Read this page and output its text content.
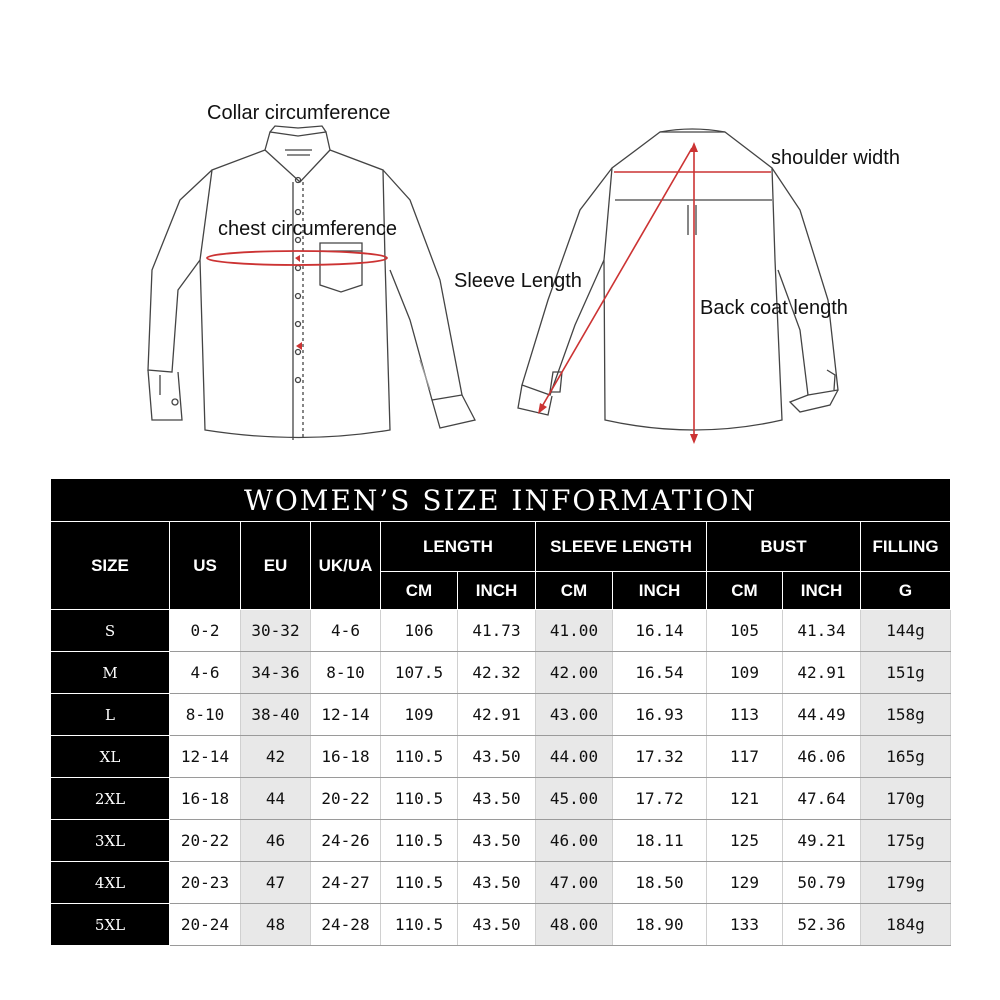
Collar circumference
chest circumference
Sleeve Length
shoulder width
Back coat length
WOMEN’S SIZE INFORMATION										
SIZE	US	EU	UK/UA	LENGTH		SLEEVE LENGTH		BUST		FILLING
				CM	INCH	CM	INCH	CM	INCH	G
S	0-2	30-32	4-6	106	41.73	41.00	16.14	105	41.34	144g
M	4-6	34-36	8-10	107.5	42.32	42.00	16.54	109	42.91	151g
L	8-10	38-40	12-14	109	42.91	43.00	16.93	113	44.49	158g
XL	12-14	42	16-18	110.5	43.50	44.00	17.32	117	46.06	165g
2XL	16-18	44	20-22	110.5	43.50	45.00	17.72	121	47.64	170g
3XL	20-22	46	24-26	110.5	43.50	46.00	18.11	125	49.21	175g
4XL	20-23	47	24-27	110.5	43.50	47.00	18.50	129	50.79	179g
5XL	20-24	48	24-28	110.5	43.50	48.00	18.90	133	52.36	184g
